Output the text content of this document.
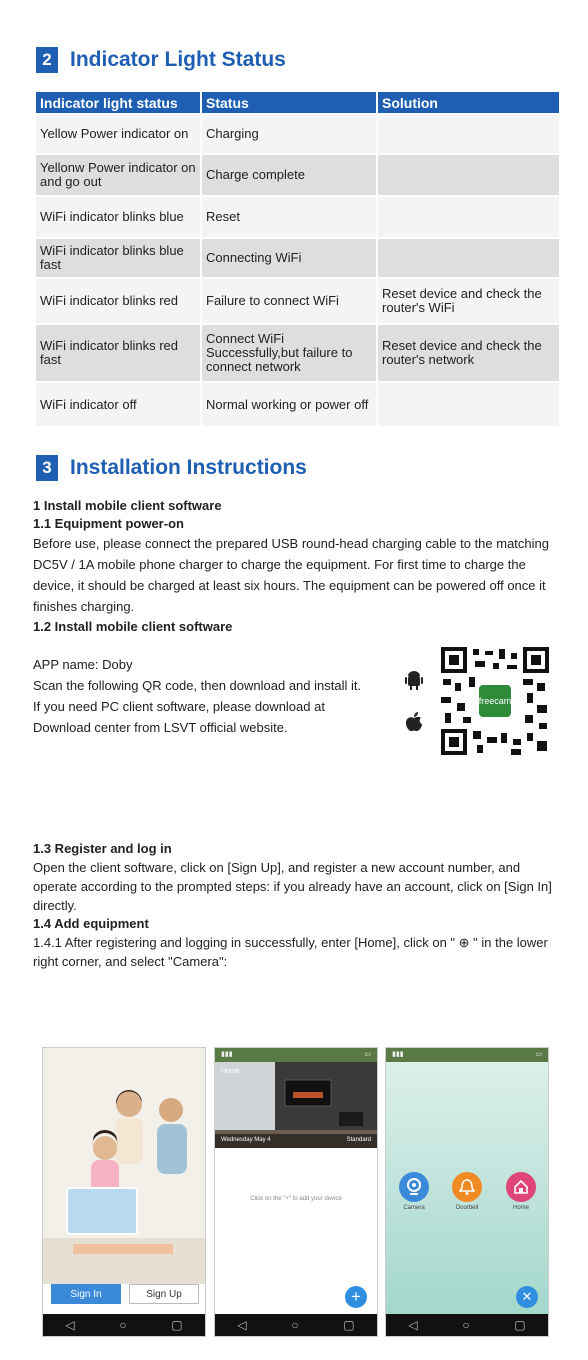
2 Indicator Light Status
Indicator light status	Status	Solution
Yellow Power indicator on	Charging	
Yellonw Power indicator on and go out	Charge complete	
WiFi indicator blinks blue	Reset	
WiFi indicator blinks blue fast	Connecting WiFi	
WiFi indicator blinks red	Failure to connect WiFi	Reset device and check the router's WiFi
WiFi indicator blinks red fast	Connect WiFi Successfully,but failure to connect network	Reset device and check the router's network
WiFi indicator off	Normal working or power off	
3 Installation Instructions
1 Install mobile client software
1.1 Equipment power-on
Before use, please connect the prepared USB round-head charging cable to the matching DC5V / 1A mobile phone charger to charge the equipment. For first time to charge the device, it should be charged at least six hours. The equipment can be powered off once it finishes charging.
1.2 Install mobile client software
APP name: Doby
Scan the following QR code, then download and install it.
If you need PC client software, please download at Download center from LSVT official website.
freecam
1.3 Register and log in
Open the client software, click on [Sign Up], and register a new account number, and operate according to the prompted steps: if you already have an account, click on [Sign In] directly.
1.4 Add equipment
1.4.1 After registering and logging in successfully, enter [Home], click on " ⊕ " in the lower right corner, and select "Camera":
Sign In	Sign Up
◁	○	▢
▮▮▮	▭
Home
Wednesday May 4	Standard
Click on the "+" to add your device
+
◁	○	▢
▮▮▮	▭
Camera	Doorbell	Home
✕
◁	○	▢
